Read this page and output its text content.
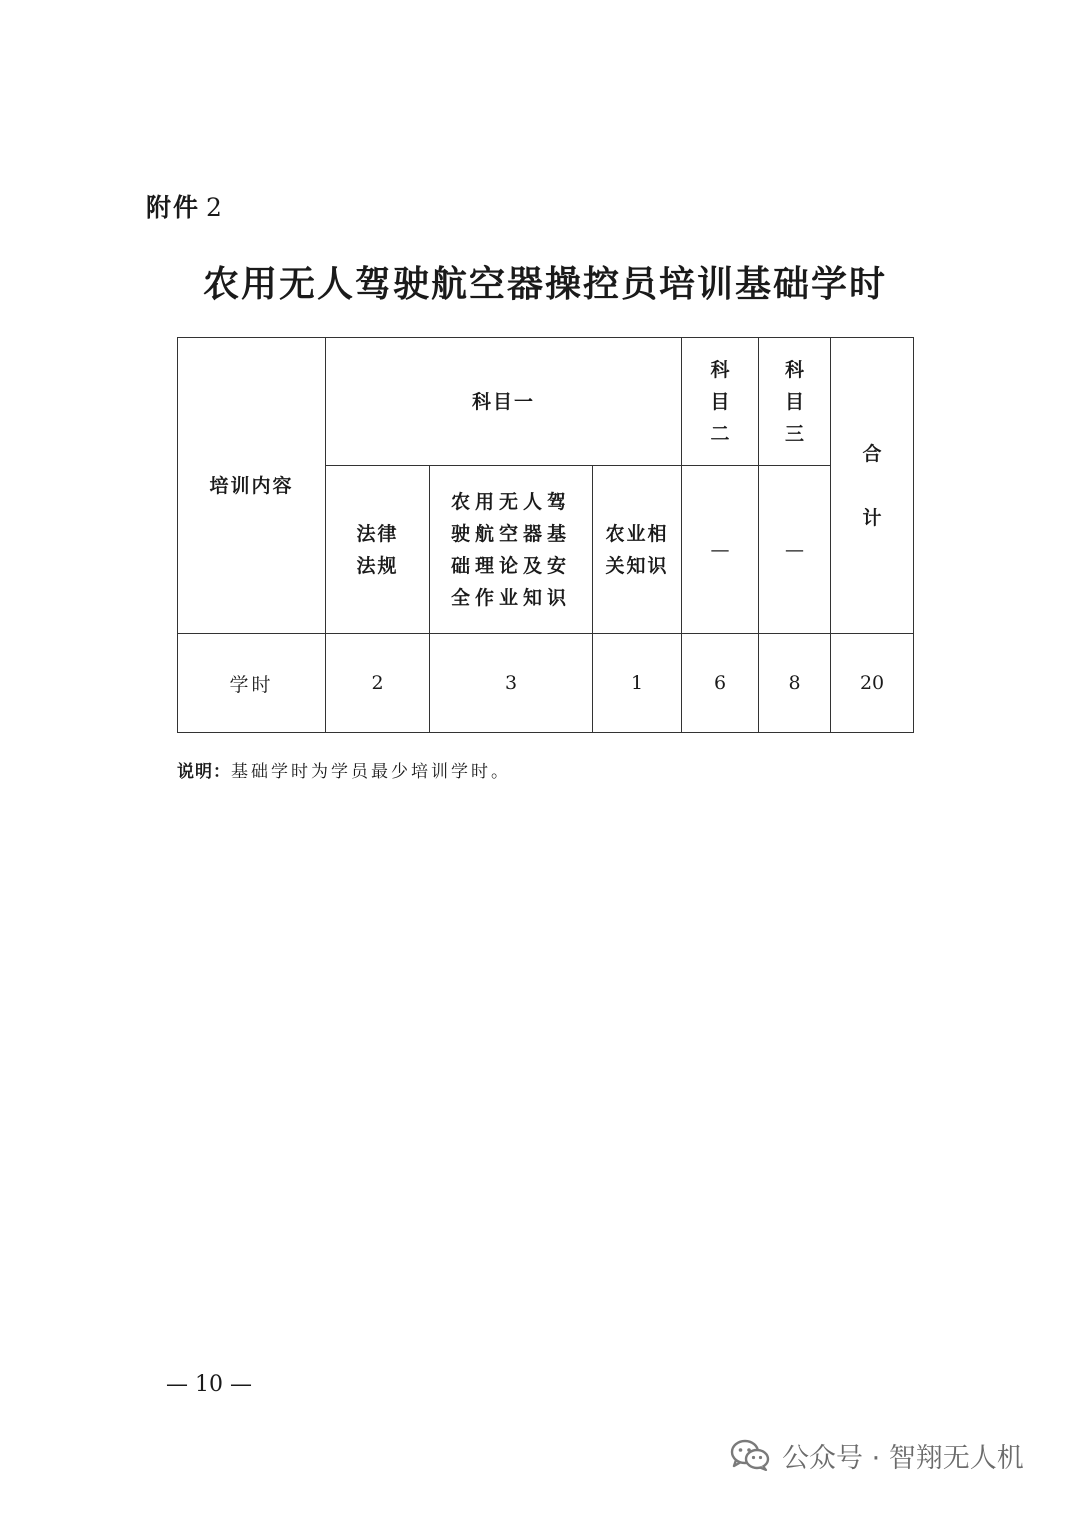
附件 2
农用无人驾驶航空器操控员培训基础学时
培训内容	科目一			科目二	科目三	合计

	法律法规	农用无人驾驶航空器基础理论及安全作业知识	农业相关知识	—	—	
学时	2	3	1	6	8	20
说明：基础学时为学员最少培训学时。
— 10 —
公众号 · 智翔无人机
